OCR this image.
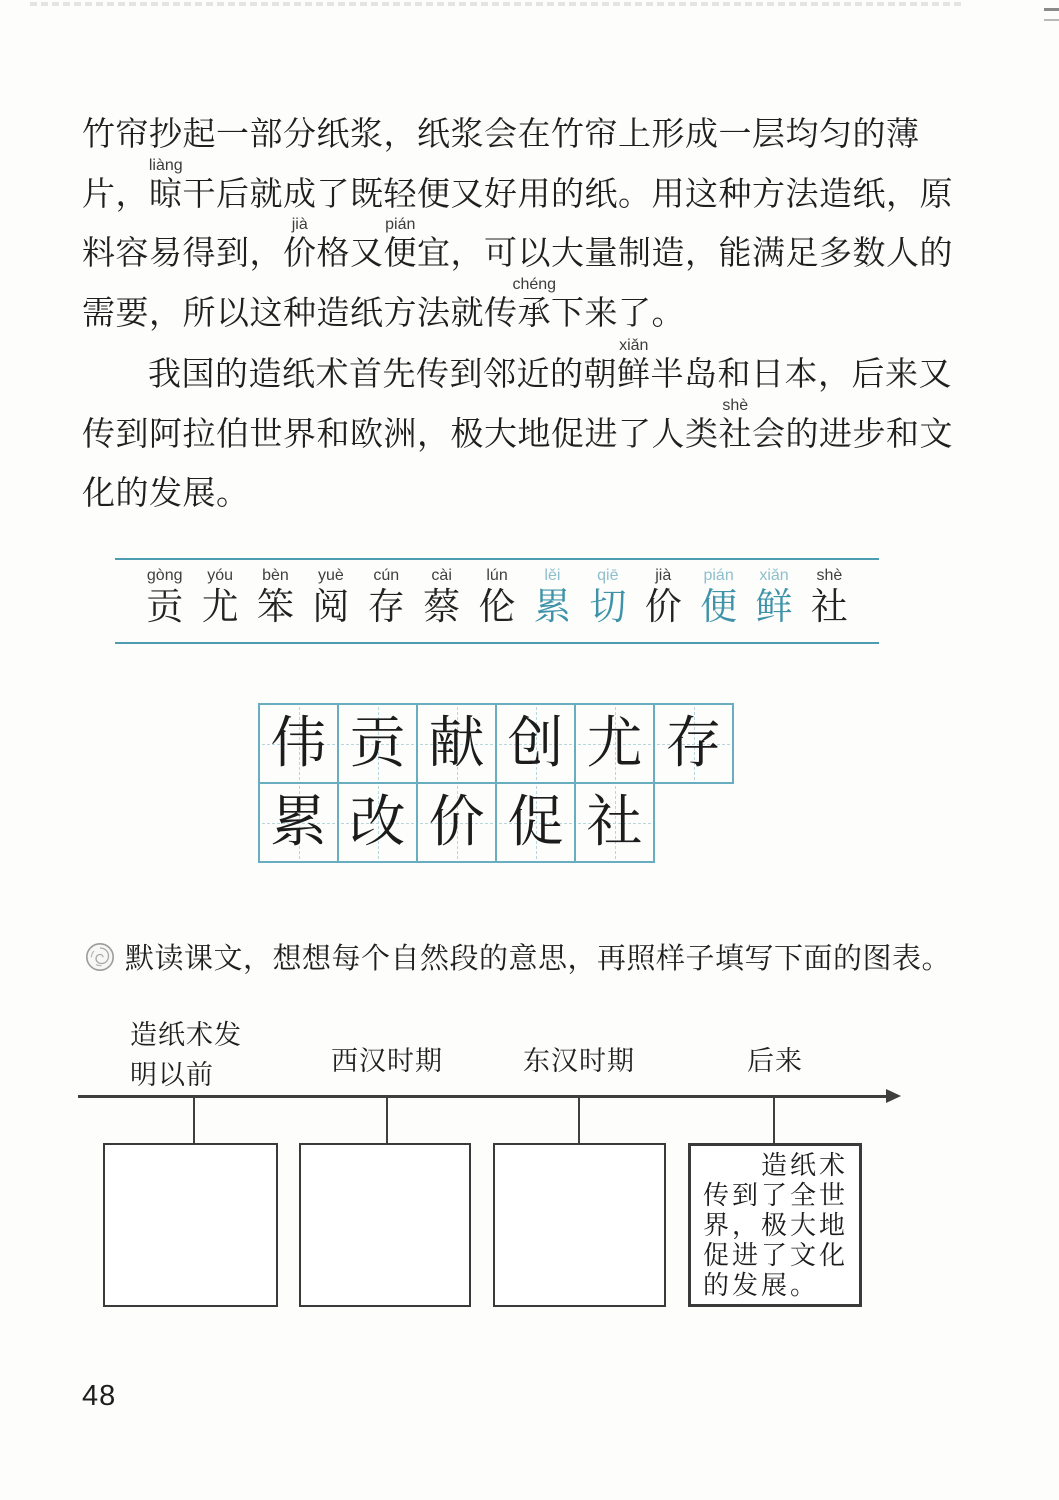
竹帘抄起一部分纸浆，纸浆会在竹帘上形成一层均匀的薄
片，
liàng
晾干后就成了既轻便又好用的纸。用这种方法造纸，原
料容易得到，
jià
价格又
pián
便宜，可以大量制造，能满足多数人的
需要，所以这种造纸方法就传
chéng
承下来了。
我国的造纸术首先传到邻近的朝
xiǎn
鲜半岛和日本，后来又
传到阿拉伯世界和欧洲，极大地促进了人类
shè
社会的进步和文
化的发展。
gòng
贡
yóu
尤
bèn
笨
yuè
阅
cún
存
cài
蔡
lún
伦
lěi
累
qiē
切
jià
价
pián
便
xiǎn
鲜
shè
社
伟 贡 献 创 尤 存
累 改 价 促 社
默读课文，想想每个自然段的意思，再照样子填写下面的图表。
造纸术发
明以前	西汉时期	东汉时期	后来
造纸术
传到了全世
界，极大地
促进了文化
的发展。
48
